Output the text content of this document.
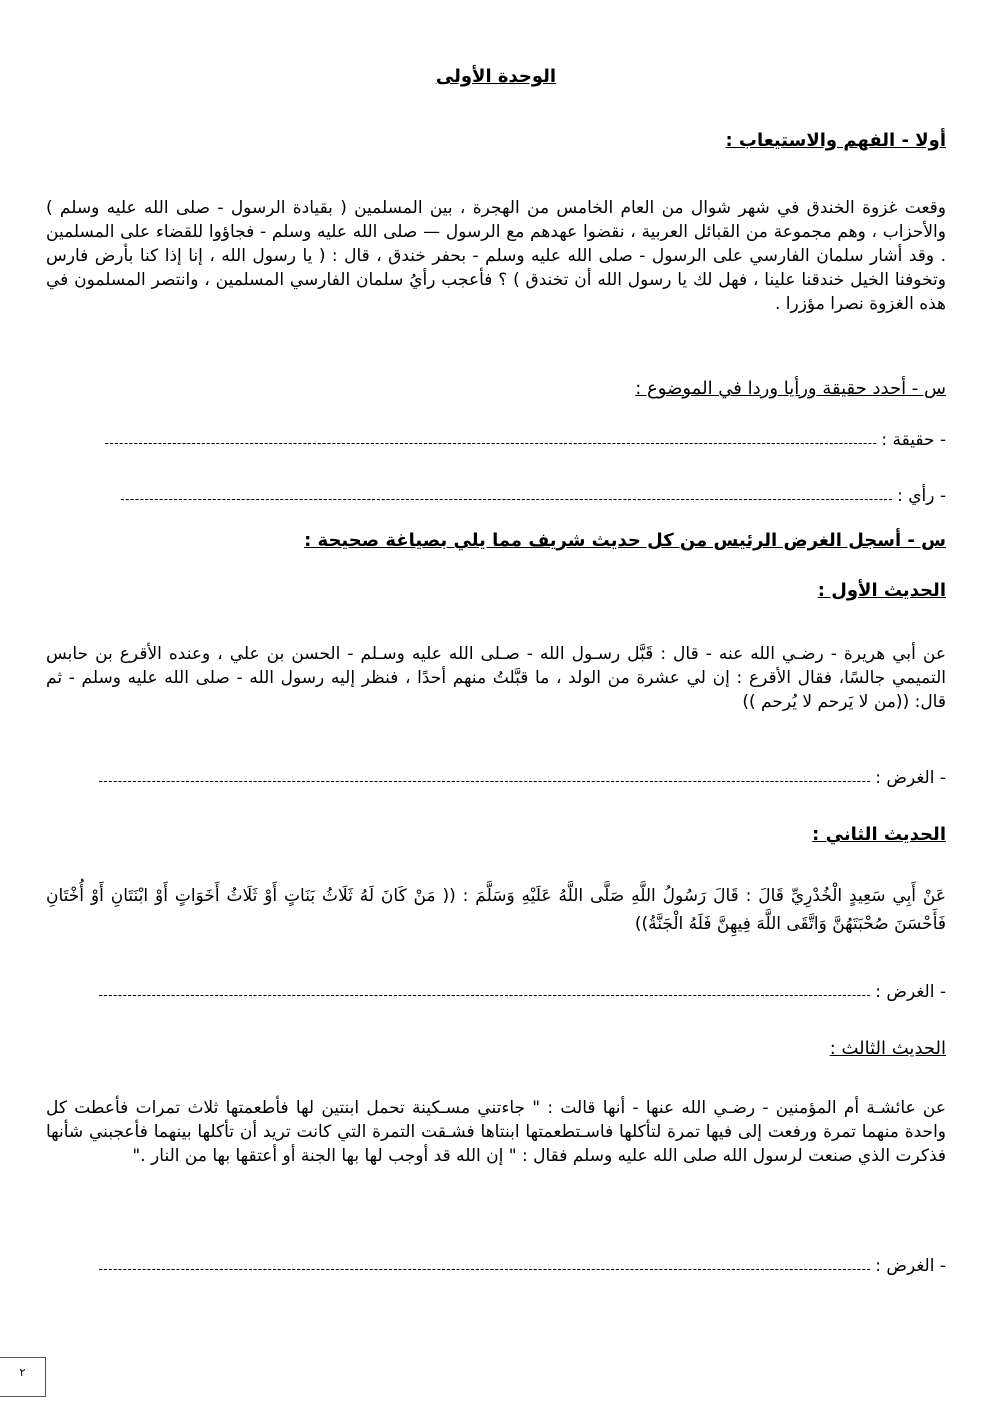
الوحدة الأولى
أولا - الفهم والاستيعاب :
وقعت غزوة الخندق في شهر شوال من العام الخامس من الهجرة ، بين المسلمين ( بقيادة الرسول - صلى الله عليه وسلم ) والأحزاب ، وهم مجموعة من القبائل العربية ، نقضوا عهدهم مع الرسول — صلى الله عليه وسلم - فجاؤوا للقضاء على المسلمين . وقد أشار سلمان الفارسي على الرسول - صلى الله عليه وسلم - بحفر خندق ، قال : ( يا رسول الله ، إنا إذا كنا بأرض فارس وتخوفنا الخيل خندقنا علينا ، فهل لك يا رسول الله أن تخندق ) ؟ فأعجب رأيُ سلمان الفارسي المسلمين ، وانتصر المسلمون في هذه الغزوة نصرا مؤزرا .
س - أحدد حقيقة ورأيا وردا في الموضوع :
- حقيقة :
----------------------------------------------------------------------------------------------------------------------------------------------------------------
- رأي :
----------------------------------------------------------------------------------------------------------------------------------------------------------------
س - أسجل الغرض الرئيس من كل حديث شريف مما يلي بصياغة صحيحة :
الحديث الأول :
عن أبي هريرة - رضـي الله عنه - قال : قَبَّل رسـول الله - صـلى الله عليه وسـلم - الحسن بن علي ، وعنده الأقرع بن حابس التميمي جالسًا، فقال الأقرع : إن لي عشرة من الولد ، ما قبَّلتُ منهم أحدًا ، فنظر إليه رسول الله - صلى الله عليه وسلم - ثم قال: ((من لا يَرحم لا يُرحم ))
- الغرض :
----------------------------------------------------------------------------------------------------------------------------------------------------------------
الحديث الثاني :
عَنْ أَبِي سَعِيدٍ الْخُدْرِيِّ قَالَ : قَالَ رَسُولُ اللَّهِ صَلَّى اللَّهُ عَلَيْهِ وَسَلَّمَ : (( مَنْ كَانَ لَهُ ثَلَاثُ بَنَاتٍ أَوْ ثَلَاثُ أَخَوَاتٍ أَوْ ابْنَتَانِ أَوْ أُخْتَانِ فَأَحْسَنَ صُحْبَتَهُنَّ وَاتَّقَى اللَّهَ فِيهِنَّ فَلَهُ الْجَنَّةُ))
- الغرض :
----------------------------------------------------------------------------------------------------------------------------------------------------------------
الحديث الثالث :
عن عائشـة أم المؤمنين - رضـي الله عنها - أنها قالت : " جاءتني مسـكينة تحمل ابنتين لها فأطعمتها ثلاث تمرات فأعطت كل واحدة منهما تمرة ورفعت إلى فيها تمرة لتأكلها فاسـتطعمتها ابنتاها فشـقت التمرة التي كانت تريد أن تأكلها بينهما فأعجبني شأنها فذكرت الذي صنعت لرسول الله صلى الله عليه وسلم فقال : " إن الله قد أوجب لها بها الجنة أو أعتقها بها من النار ."
- الغرض :
----------------------------------------------------------------------------------------------------------------------------------------------------------------
٢
